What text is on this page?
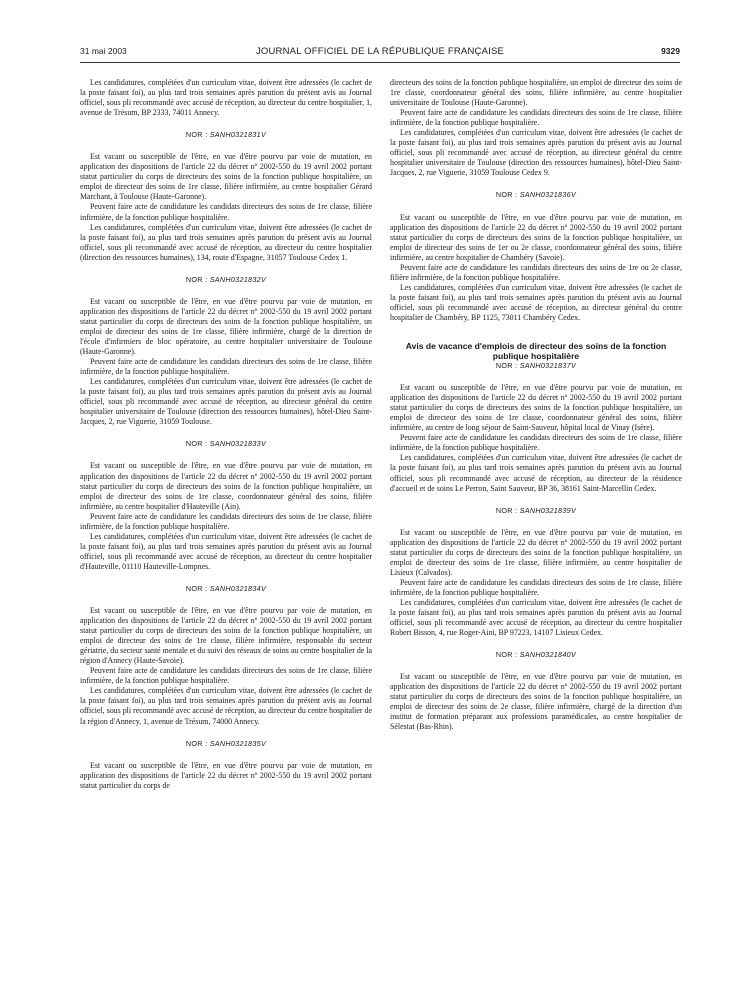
31 mai 2003	JOURNAL OFFICIEL DE LA RÉPUBLIQUE FRANÇAISE	9329

Les candidatures, complétées d'un curriculum vitae, doivent être adressées (le cachet de la poste faisant foi), au plus tard trois semaines après parution du présent avis au Journal officiel, sous pli recommandé avec accusé de réception, au directeur du centre hospitalier, 1, avenue de Trésum, BP 2333, 74011 Annecy.

NOR : SANH0321831V

Est vacant ou susceptible de l'être, en vue d'être pourvu par voie de mutation, en application des dispositions de l'article 22 du décret nº 2002-550 du 19 avril 2002 portant statut particulier du corps de directeurs des soins de la fonction publique hospitalière, un emploi de directeur des soins de 1re classe, filière infirmière, au centre hospitalier Gérard Marchant, à Toulouse (Haute-Garonne).

Peuvent faire acte de candidature les candidats directeurs des soins de 1re classe, filière infirmière, de la fonction publique hospitalière.

Les candidatures, complétées d'un curriculum vitae, doivent être adressées (le cachet de la poste faisant foi), au plus tard trois semaines après parution du présent avis au Journal officiel, sous pli recommandé avec accusé de réception, au directeur du centre hospitalier (direction des ressources humaines), 134, route d'Espagne, 31057 Toulouse Cedex 1.

NOR : SANH0321832V

Est vacant ou susceptible de l'être, en vue d'être pourvu par voie de mutation, en application des dispositions de l'article 22 du décret nº 2002-550 du 19 avril 2002 portant statut particulier du corps de directeurs des soins de la fonction publique hospitalière, un emploi de directeur des soins de 1re classe, filière infirmière, chargé de la direction de l'école d'infirmiers de bloc opératoire, au centre hospitalier universitaire de Toulouse (Haute-Garonne).

Peuvent faire acte de candidature les candidats directeurs des soins de 1re classe, filière infirmière, de la fonction publique hospitalière.

Les candidatures, complétées d'un curriculum vitae, doivent être adressées (le cachet de la poste faisant foi), au plus tard trois semaines après parution du présent avis au Journal officiel, sous pli recommandé avec accusé de réception, au directeur général du centre hospitalier universitaire de Toulouse (direction des ressources humaines), hôtel-Dieu Saint-Jacques, 2, rue Viguerie, 31059 Toulouse.

NOR : SANH0321833V

Est vacant ou susceptible de l'être, en vue d'être pourvu par voie de mutation, en application des dispositions de l'article 22 du décret nº 2002-550 du 19 avril 2002 portant statut particulier du corps de directeurs des soins de la fonction publique hospitalière, un emploi de directeur des soins de 1re classe, coordonnateur général des soins, filière infirmière, au centre hospitalier d'Hauteville (Ain).

Peuvent faire acte de candidature les candidats directeurs des soins de 1re classe, filière infirmière, de la fonction publique hospitalière.

Les candidatures, complétées d'un curriculum vitae, doivent être adressées (le cachet de la poste faisant foi), au plus tard trois semaines après parution du présent avis au Journal officiel, sous pli recommandé avec accusé de réception, au directeur du centre hospitalier d'Hauteville, 01110 Hauteville-Lompnes.

NOR : SANH0321834V

Est vacant ou susceptible de l'être, en vue d'être pourvu par voie de mutation, en application des dispositions de l'article 22 du décret nº 2002-550 du 19 avril 2002 portant statut particulier du corps de directeurs des soins de la fonction publique hospitalière, un emploi de directeur des soins de 1re classe, filière infirmière, responsable du secteur gériatrie, du secteur santé mentale et du suivi des réseaux de soins au centre hospitalier de la région d'Annecy (Haute-Savoie).

Peuvent faire acte de candidature les candidats directeurs des soins de 1re classe, filière infirmière, de la fonction publique hospitalière.

Les candidatures, complétées d'un curriculum vitae, doivent être adressées (le cachet de la poste faisant foi), au plus tard trois semaines après parution du présent avis au Journal officiel, sous pli recommandé avec accusé de réception, au directeur du centre hospitalier de la région d'Annecy, 1, avenue de Trésum, 74000 Annecy.

NOR : SANH0321835V

Est vacant ou susceptible de l'être, en vue d'être pourvu par voie de mutation, en application des dispositions de l'article 22 du décret nº 2002-550 du 19 avril 2002 portant statut particulier du corps de

directeurs des soins de la fonction publique hospitalière, un emploi de directeur des soins de 1re classe, coordonnateur général des soins, filière infirmière, au centre hospitalier universitaire de Toulouse (Haute-Garonne).

Peuvent faire acte de candidature les candidats directeurs des soins de 1re classe, filière infirmière, de la fonction publique hospitalière.

Les candidatures, complétées d'un curriculum vitae, doivent être adressées (le cachet de la poste faisant foi), au plus tard trois semaines après parution du présent avis au Journal officiel, sous pli recommandé avec accusé de réception, au directeur général du centre hospitalier universitaire de Toulouse (direction des ressources humaines), hôtel-Dieu Saint-Jacques, 2, rue Viguerie, 31059 Toulouse Cedex 9.

NOR : SANH0321836V

Est vacant ou susceptible de l'être, en vue d'être pourvu par voie de mutation, en application des dispositions de l'article 22 du décret nº 2002-550 du 19 avril 2002 portant statut particulier du corps de directeurs des soins de la fonction publique hospitalière, un emploi de directeur des soins de 1er ou 2e classe, coordonnateur général des soins, filière infirmière, au centre hospitalier de Chambéry (Savoie).

Peuvent faire acte de candidature les candidats directeurs des soins de 1re ou 2e classe, filière infirmière, de la fonction publique hospitalière.

Les candidatures, complétées d'un curriculum vitae, doivent être adressées (le cachet de la poste faisant foi), au plus tard trois semaines après parution du présent avis au Journal officiel, sous pli recommandé avec accusé de réception, au directeur général du centre hospitalier de Chambéry, BP 1125, 73011 Chambéry Cedex.

Avis de vacance d'emplois de directeur des soins de la fonction publique hospitalière
NOR : SANH0321837V

Est vacant ou susceptible de l'être, en vue d'être pourvu par voie de mutation, en application des dispositions de l'article 22 du décret nº 2002-550 du 19 avril 2002 portant statut particulier du corps de directeurs des soins de la fonction publique hospitalière, un emploi de directeur des soins de 1re classe, coordonnateur général des soins, filière infirmière, au centre de long séjour de Saint-Sauveur, hôpital local de Vinay (Isère).

Peuvent faire acte de candidature les candidats directeurs des soins de 1re classe, filière infirmière, de la fonction publique hospitalière.

Les candidatures, complétées d'un curriculum vitae, doivent être adressées (le cachet de la poste faisant foi), au plus tard trois semaines après parution du présent avis au Journal officiel, sous pli recommandé avec accusé de réception, au directeur de la résidence d'accueil et de soins Le Perron, Saint Sauveur, BP 36, 38161 Saint-Marcellin Cedex.

NOR : SANH0321839V

Est vacant ou susceptible de l'être, en vue d'être pourvu par voie de mutation, en application des dispositions de l'article 22 du décret nº 2002-550 du 19 avril 2002 portant statut particulier du corps de directeurs des soins de la fonction publique hospitalière, un emploi de directeur des soins de 1re classe, filière infirmière, au centre hospitalier de Lisieux (Calvados).

Peuvent faire acte de candidature les candidats directeurs des soins de 1re classe, filière infirmière, de la fonction publique hospitalière.

Les candidatures, complétées d'un curriculum vitae, doivent être adressées (le cachet de la poste faisant foi), au plus tard trois semaines après parution du présent avis au Journal officiel, sous pli recommandé avec accusé de réception, au directeur du centre hospitalier Robert Bisson, 4, rue Roger-Aini, BP 97223, 14107 Lisieux Cedex.

NOR : SANH0321840V

Est vacant ou susceptible de l'être, en vue d'être pourvu par voie de mutation, en application des dispositions de l'article 22 du décret nº 2002-550 du 19 avril 2002 portant statut particulier du corps de directeurs des soins de la fonction publique hospitalière, un emploi de directeur des soins de 2e classe, filière infirmière, chargé de la direction d'un institut de formation préparant aux professions paramédicales, au centre hospitalier de Sélestat (Bas-Rhin).
